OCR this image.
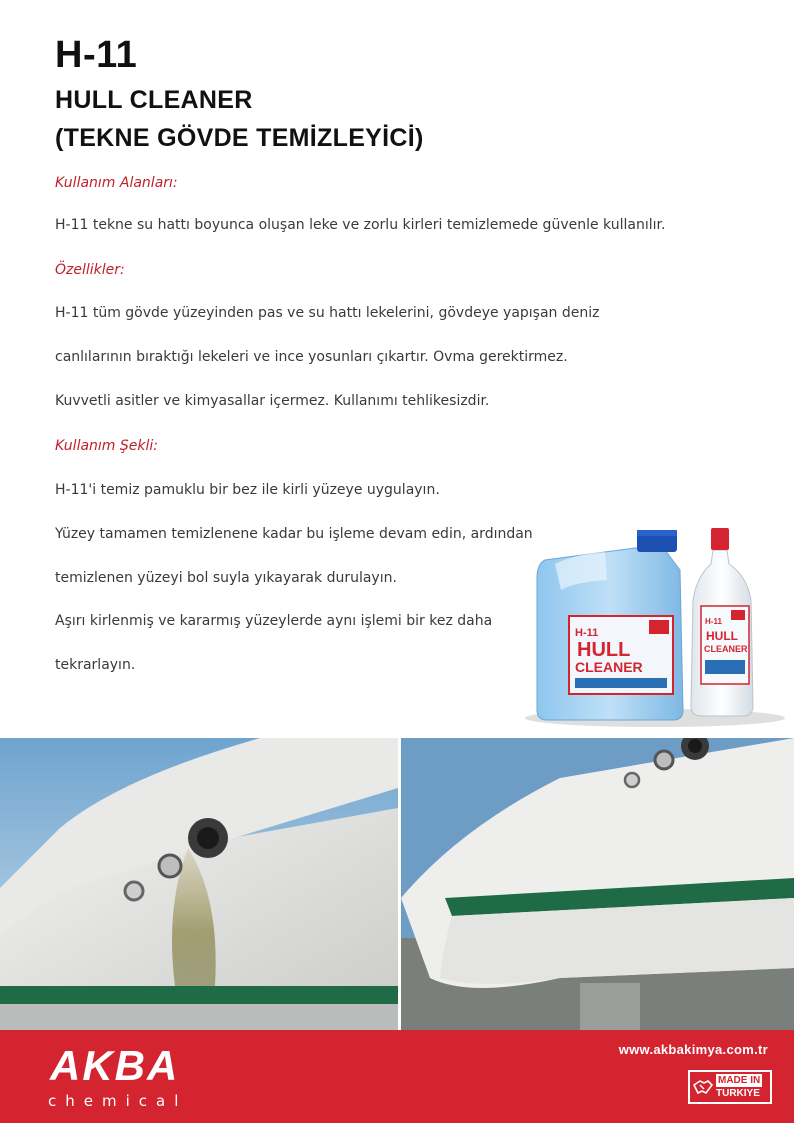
H-11
HULL CLEANER
(TEKNE GÖVDE TEMİZLEYİCİ)
Kullanım Alanları:
H-11 tekne su hattı boyunca oluşan leke ve zorlu kirleri temizlemede güvenle kullanılır.
Özellikler:
H-11 tüm gövde yüzeyinden pas ve su hattı lekelerini, gövdeye yapışan deniz
canlılarının bıraktığı lekeleri ve ince yosunları çıkartır. Ovma gerektirmez.
Kuvvetli asitler ve kimyasallar içermez. Kullanımı tehlikesizdir.
Kullanım Şekli:
H-11'i temiz pamuklu bir bez ile kirli yüzeye uygulayın.
Yüzey tamamen temizlenene kadar bu işleme devam edin, ardından
temizlenen yüzeyi bol suyla yıkayarak durulayın.
Aşırı kirlenmiş ve kararmış yüzeylerde aynı işlemi bir kez daha
tekrarlayın.
H-11
HULL
CLEANER
H-11
HULL
CLEANER
AKBA
chemical
www.akbakimya.com.tr
MADE IN
TURKIYE
